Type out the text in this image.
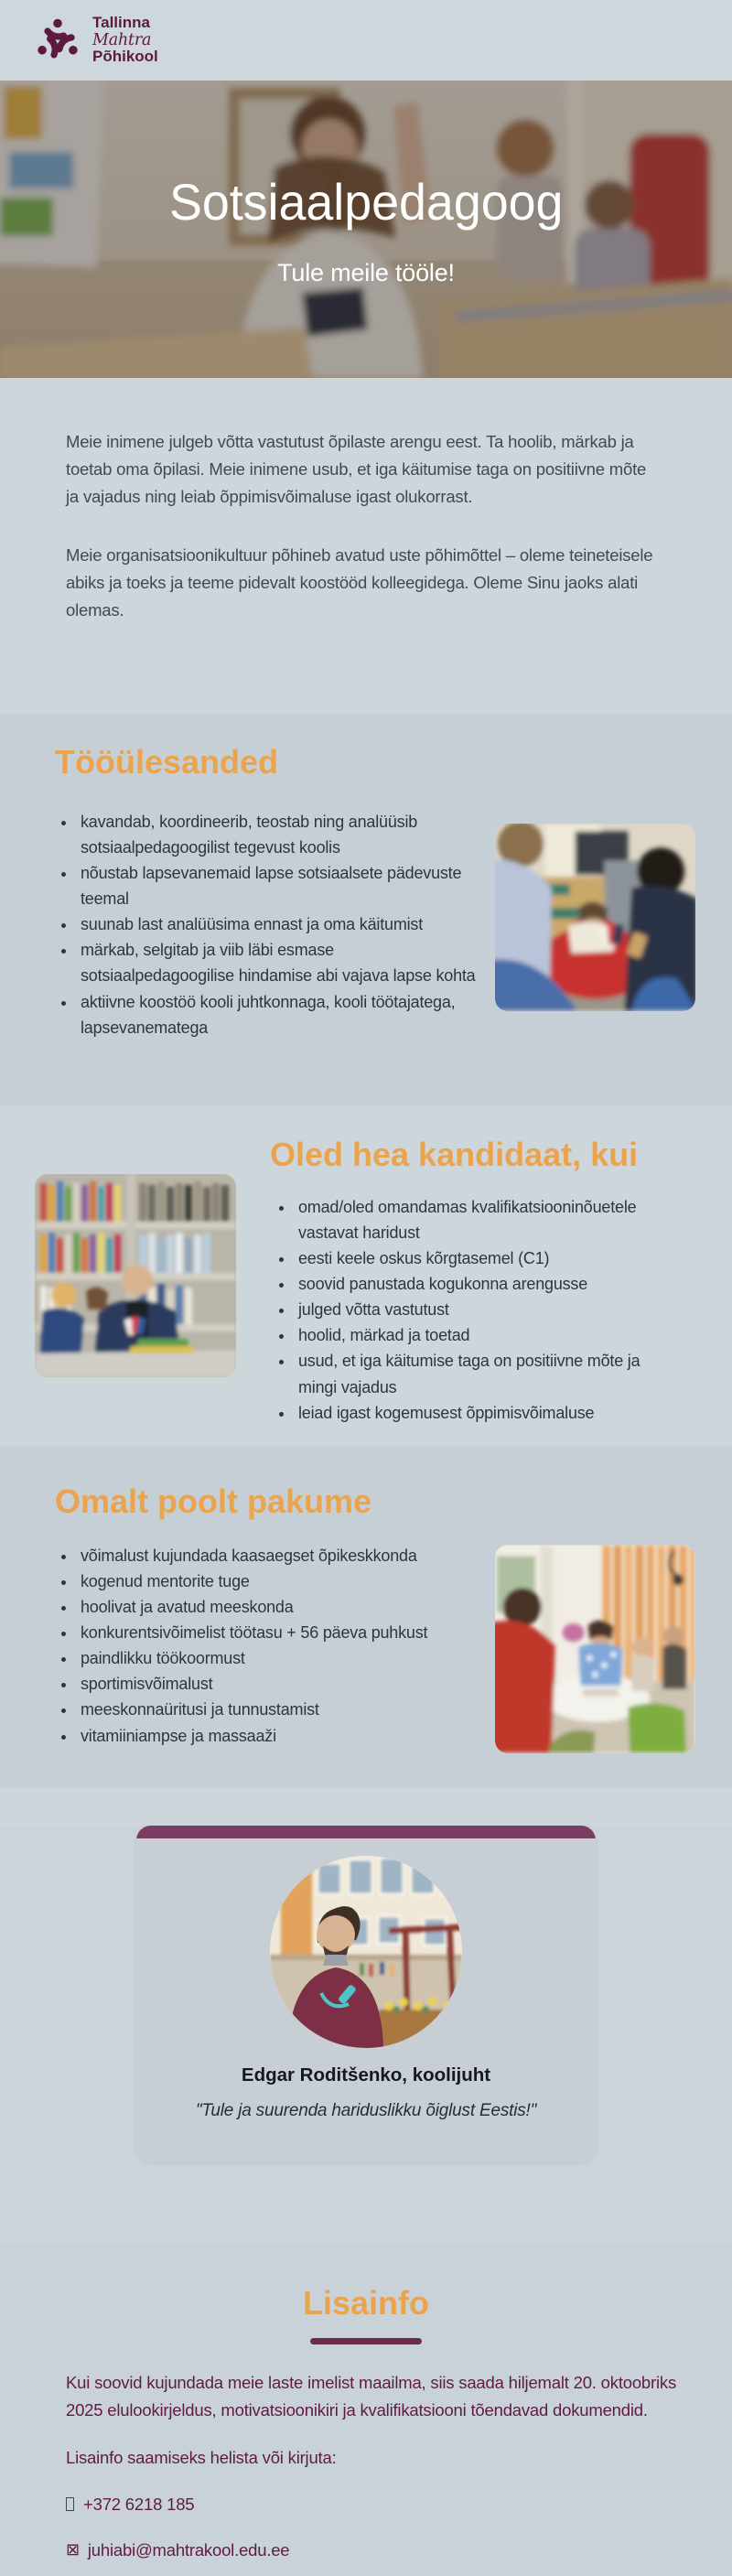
Tallinna
Mahtra
Põhikool
Sotsiaalpedagoog
Tule meile tööle!

Meie inimene julgeb võtta vastutust õpilaste arengu eest. Ta hoolib, märkab ja toetab oma õpilasi. Meie inimene usub, et iga käitumise taga on positiivne mõte ja vajadus ning leiab õppimisvõimaluse igast olukorrast.

Meie organisatsioonikultuur põhineb avatud uste põhimõttel – oleme teineteisele abiks ja toeks ja teeme pidevalt koostööd kolleegidega. Oleme Sinu jaoks alati olemas.

Tööülesanded
• kavandab, koordineerib, teostab ning analüüsib sotsiaalpedagoogilist tegevust koolis
• nõustab lapsevanemaid lapse sotsiaalsete pädevuste teemal
• suunab last analüüsima ennast ja oma käitumist
• märkab, selgitab ja viib läbi esmase sotsiaalpedagoogilise hindamise abi vajava lapse kohta
• aktiivne koostöö kooli juhtkonnaga, kooli töötajatega, lapsevanematega
Oled hea kandidaat, kui
• omad/oled omandamas kvalifikatsiooninõuetele vastavat haridust
• eesti keele oskus kõrgtasemel (C1)
• soovid panustada kogukonna arengusse
• julged võtta vastutust
• hoolid, märkad ja toetad
• usud, et iga käitumise taga on positiivne mõte ja mingi vajadus
• leiad igast kogemusest õppimisvõimaluse
Omalt poolt pakume
• võimalust kujundada kaasaegset õpikeskkonda
• kogenud mentorite tuge
• hoolivat ja avatud meeskonda
• konkurentsivõimelist töötasu + 56 päeva puhkust
• paindlikku töökoormust
• sportimisvõimalust
• meeskonnaüritusi ja tunnustamist
• vitamiiniampse ja massaaži
Edgar Roditšenko, koolijuht
"Tule ja suurenda hariduslikku õiglust Eestis!"
Lisainfo

Kui soovid kujundada meie laste imelist maailma, siis saada hiljemalt 20. oktoobriks 2025 elulookirjeldus, motivatsioonikiri ja kvalifikatsiooni tõendavad dokumendid.

Lisainfo saamiseks helista või kirjuta:

+372 6218 185
⊠ juhiabi@mahtrakool.edu.ee
